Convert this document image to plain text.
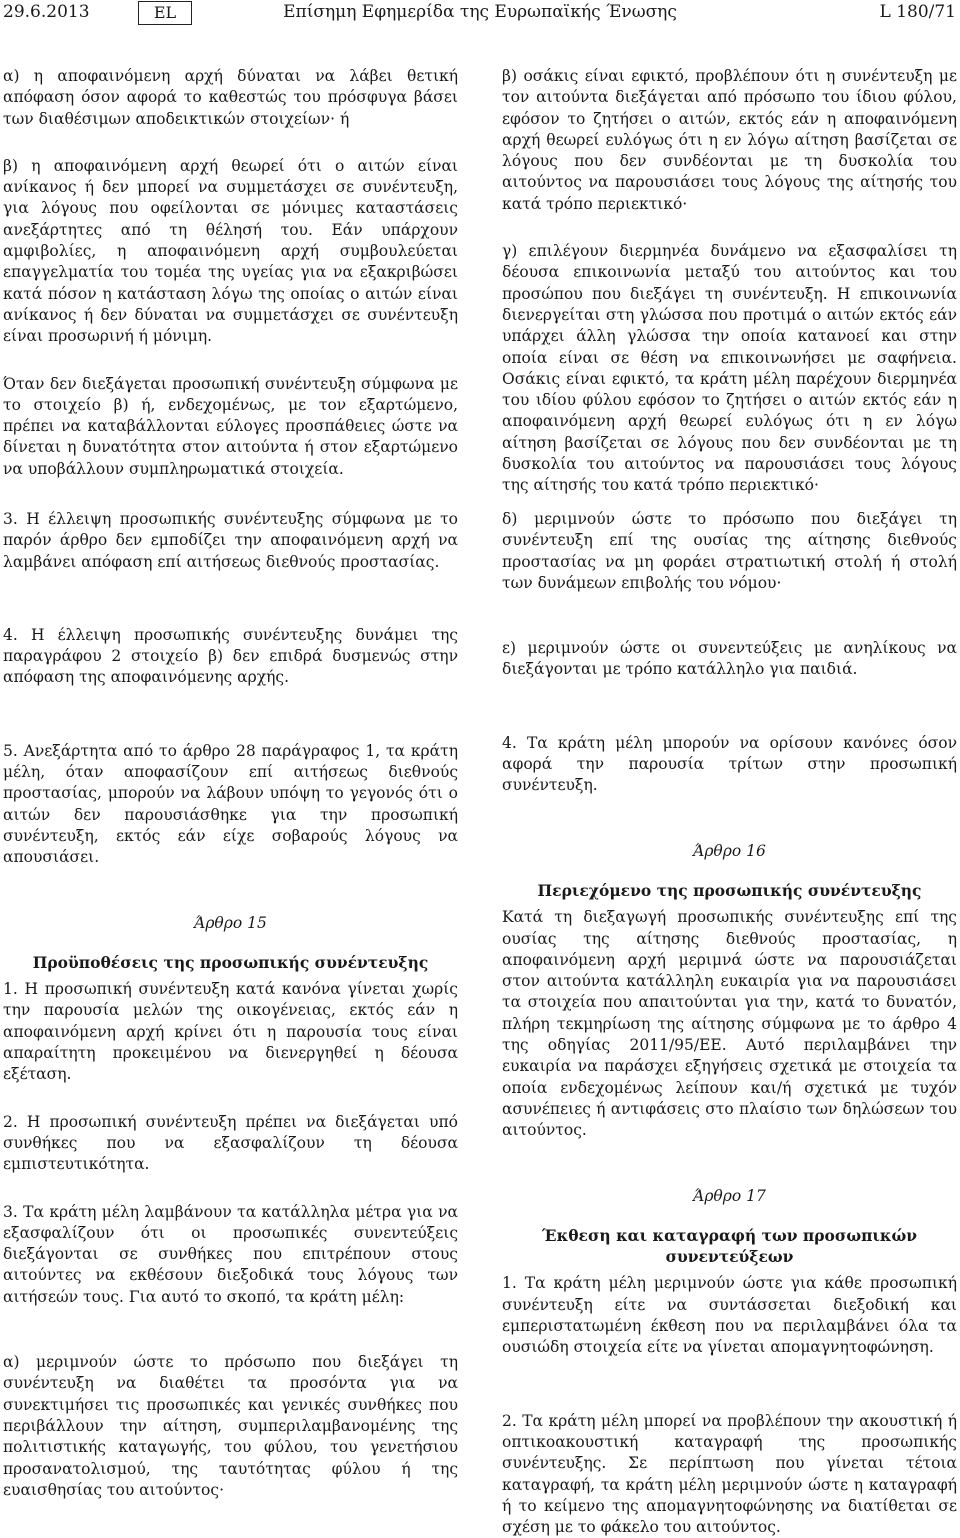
29.6.2013	EL	Επίσημη Εφημερίδα της Ευρωπαϊκής Ένωσης	L 180/71

α) η αποφαινόμενη αρχή δύναται να λάβει θετική απόφαση όσον αφορά το καθεστώς του πρόσφυγα βάσει των διαθέσιμων αποδεικτικών στοιχείων· ή

β) η αποφαινόμενη αρχή θεωρεί ότι ο αιτών είναι ανίκανος ή δεν μπορεί να συμμετάσχει σε συνέντευξη, για λόγους που οφείλονται σε μόνιμες καταστάσεις ανεξάρτητες από τη θέλησή του. Εάν υπάρχουν αμφιβολίες, η αποφαινόμενη αρχή συμβουλεύεται επαγγελματία του τομέα της υγείας για να εξακριβώσει κατά πόσον η κατάσταση λόγω της οποίας ο αιτών είναι ανίκανος ή δεν δύναται να συμμετάσχει σε συνέντευξη είναι προσωρινή ή μόνιμη.

Όταν δεν διεξάγεται προσωπική συνέντευξη σύμφωνα με το στοιχείο β) ή, ενδεχομένως, με τον εξαρτώμενο, πρέπει να καταβάλλονται εύλογες προσπάθειες ώστε να δίνεται η δυνατότητα στον αιτούντα ή στον εξαρτώμενο να υποβάλλουν συμπληρωματικά στοιχεία.

3. Η έλλειψη προσωπικής συνέντευξης σύμφωνα με το παρόν άρθρο δεν εμποδίζει την αποφαινόμενη αρχή να λαμβάνει απόφαση επί αιτήσεως διεθνούς προστασίας.

4. Η έλλειψη προσωπικής συνέντευξης δυνάμει της παραγράφου 2 στοιχείο β) δεν επιδρά δυσμενώς στην απόφαση της αποφαινόμενης αρχής.

5. Ανεξάρτητα από το άρθρο 28 παράγραφος 1, τα κράτη μέλη, όταν αποφασίζουν επί αιτήσεως διεθνούς προστασίας, μπορούν να λάβουν υπόψη το γεγονός ότι ο αιτών δεν παρουσιάσθηκε για την προσωπική συνέντευξη, εκτός εάν είχε σοβαρούς λόγους να απουσιάσει.

Άρθρο 15

Προϋποθέσεις της προσωπικής συνέντευξης

1. Η προσωπική συνέντευξη κατά κανόνα γίνεται χωρίς την παρουσία μελών της οικογένειας, εκτός εάν η αποφαινόμενη αρχή κρίνει ότι η παρουσία τους είναι απαραίτητη προκειμένου να διενεργηθεί η δέουσα εξέταση.

2. Η προσωπική συνέντευξη πρέπει να διεξάγεται υπό συνθήκες που να εξασφαλίζουν τη δέουσα εμπιστευτικότητα.

3. Τα κράτη μέλη λαμβάνουν τα κατάλληλα μέτρα για να εξασφαλίζουν ότι οι προσωπικές συνεντεύξεις διεξάγονται σε συνθήκες που επιτρέπουν στους αιτούντες να εκθέσουν διεξοδικά τους λόγους των αιτήσεών τους. Για αυτό το σκοπό, τα κράτη μέλη:

α) μεριμνούν ώστε το πρόσωπο που διεξάγει τη συνέντευξη να διαθέτει τα προσόντα για να συνεκτιμήσει τις προσωπικές και γενικές συνθήκες που περιβάλλουν την αίτηση, συμπεριλαμβανομένης της πολιτιστικής καταγωγής, του φύλου, του γενετήσιου προσανατολισμού, της ταυτότητας φύλου ή της ευαισθησίας του αιτούντος·

β) οσάκις είναι εφικτό, προβλέπουν ότι η συνέντευξη με τον αιτούντα διεξάγεται από πρόσωπο του ίδιου φύλου, εφόσον το ζητήσει ο αιτών, εκτός εάν η αποφαινόμενη αρχή θεωρεί ευλόγως ότι η εν λόγω αίτηση βασίζεται σε λόγους που δεν συνδέονται με τη δυσκολία του αιτούντος να παρουσιάσει τους λόγους της αίτησής του κατά τρόπο περιεκτικό·

γ) επιλέγουν διερμηνέα δυνάμενο να εξασφαλίσει τη δέουσα επικοινωνία μεταξύ του αιτούντος και του προσώπου που διεξάγει τη συνέντευξη. Η επικοινωνία διενεργείται στη γλώσσα που προτιμά ο αιτών εκτός εάν υπάρχει άλλη γλώσσα την οποία κατανοεί και στην οποία είναι σε θέση να επικοινωνήσει με σαφήνεια. Οσάκις είναι εφικτό, τα κράτη μέλη παρέχουν διερμηνέα του ιδίου φύλου εφόσον το ζητήσει ο αιτών εκτός εάν η αποφαινόμενη αρχή θεωρεί ευλόγως ότι η εν λόγω αίτηση βασίζεται σε λόγους που δεν συνδέονται με τη δυσκολία του αιτούντος να παρουσιάσει τους λόγους της αίτησής του κατά τρόπο περιεκτικό·

δ) μεριμνούν ώστε το πρόσωπο που διεξάγει τη συνέντευξη επί της ουσίας της αίτησης διεθνούς προστασίας να μη φοράει στρατιωτική στολή ή στολή των δυνάμεων επιβολής του νόμου·

ε) μεριμνούν ώστε οι συνεντεύξεις με ανηλίκους να διεξάγονται με τρόπο κατάλληλο για παιδιά.

4. Τα κράτη μέλη μπορούν να ορίσουν κανόνες όσον αφορά την παρουσία τρίτων στην προσωπική συνέντευξη.

Άρθρο 16

Περιεχόμενο της προσωπικής συνέντευξης

Κατά τη διεξαγωγή προσωπικής συνέντευξης επί της ουσίας της αίτησης διεθνούς προστασίας, η αποφαινόμενη αρχή μεριμνά ώστε να παρουσιάζεται στον αιτούντα κατάλληλη ευκαιρία για να παρουσιάσει τα στοιχεία που απαιτούνται για την, κατά το δυνατόν, πλήρη τεκμηρίωση της αίτησης σύμφωνα με το άρθρο 4 της οδηγίας 2011/95/ΕΕ. Αυτό περιλαμβάνει την ευκαιρία να παράσχει εξηγήσεις σχετικά με στοιχεία τα οποία ενδεχομένως λείπουν και/ή σχετικά με τυχόν ασυνέπειες ή αντιφάσεις στο πλαίσιο των δηλώσεων του αιτούντος.

Άρθρο 17

Έκθεση και καταγραφή των προσωπικών συνεντεύξεων

1. Τα κράτη μέλη μεριμνούν ώστε για κάθε προσωπική συνέντευξη είτε να συντάσσεται διεξοδική και εμπεριστατωμένη έκθεση που να περιλαμβάνει όλα τα ουσιώδη στοιχεία είτε να γίνεται απομαγνητοφώνηση.

2. Τα κράτη μέλη μπορεί να προβλέπουν την ακουστική ή οπτικοακουστική καταγραφή της προσωπικής συνέντευξης. Σε περίπτωση που γίνεται τέτοια καταγραφή, τα κράτη μέλη μεριμνούν ώστε η καταγραφή ή το κείμενο της απομαγνητοφώνησης να διατίθεται σε σχέση με το φάκελο του αιτούντος.
